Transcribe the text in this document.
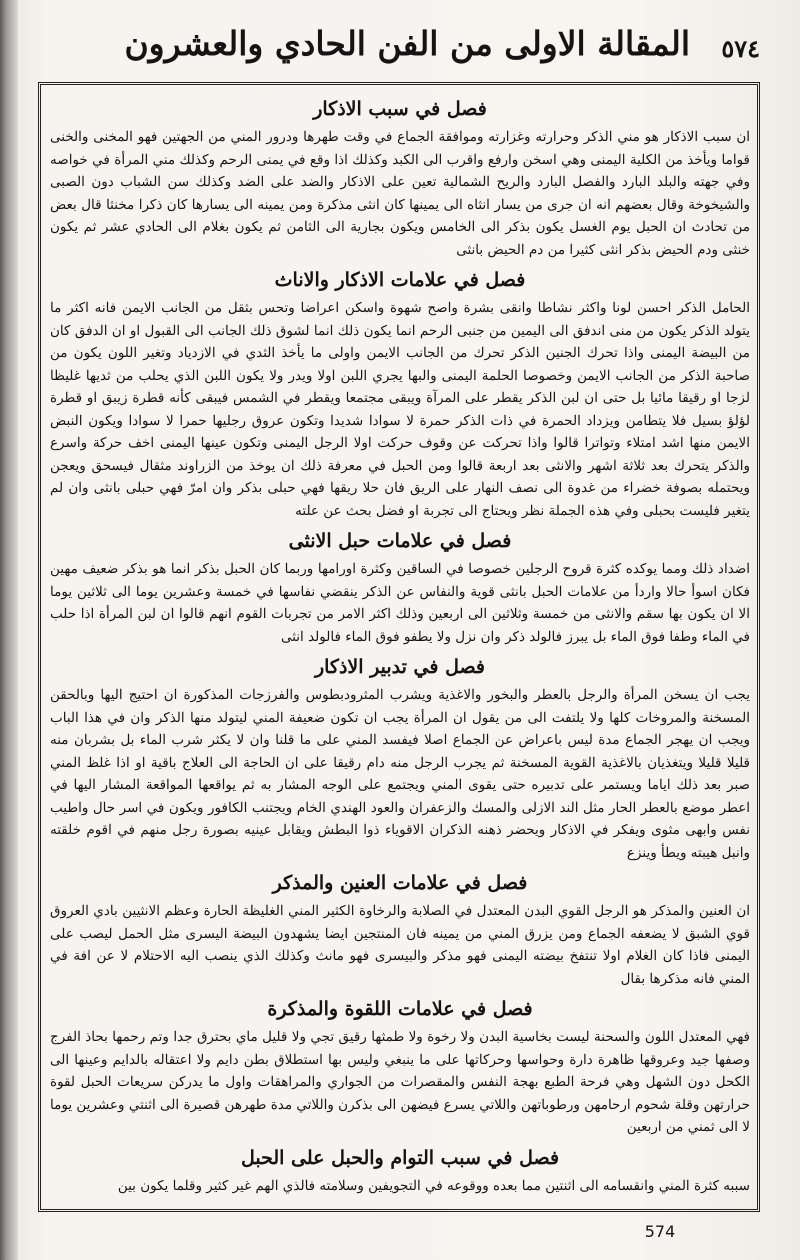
المقالة الاولى من الفن الحادي والعشرون ٥٧٤
فصل في سبب الاذكار

ان سبب الاذكار هو مني الذكر وحرارته وغزارته وموافقة الجماع في وقت طهرها ودرور المني من الجهتين فهو المخنى والخنى قواما ويأخذ من الكلية اليمنى وهي اسخن وارفع واقرب الى الكبد وكذلك اذا وقع في يمنى الرحم وكذلك مني المرأة في خواصه وفي جهته والبلد البارد والفصل البارد والريح الشمالية تعين على الاذكار والضد على الضد وكذلك سن الشباب دون الصبى والشيخوخة وقال بعضهم انه ان جرى من يسار انثاه الى يمينها كان انثى مذكرة ومن يمينه الى يسارها كان ذكرا مخنثا قال بعض من تحادث ان الحبل يوم الغسل يكون بذكر الى الخامس ويكون بجارية الى الثامن ثم يكون بغلام الى الحادي عشر ثم يكون خنثى ودم الحيض بذكر انثى كثيرا من دم الحيض بانثى

فصل في علامات الاذكار والاناث

الحامل الذكر احسن لونا واكثر نشاطا وانقى بشرة واصح شهوة واسكن اعراضا وتحس بثقل من الجانب الايمن فانه اكثر ما يتولد الذكر يكون من منى اندفق الى اليمين من جنبى الرحم انما يكون ذلك انما لشوق ذلك الجانب الى القبول او ان الدفق كان من البيضة اليمنى واذا تحرك الجنين الذكر تحرك من الجانب الايمن واولى ما يأخذ الثدي في الازدياد وتغير اللون يكون من صاحبة الذكر من الجانب الايمن وخصوصا الحلمة اليمنى والبها يجري اللبن اولا ويدر ولا يكون اللبن الذي يحلب من ثديها غليظا لزجا او رقيقا مائيا بل حتى ان لبن الذكر يقطر على المرآة ويبقى مجتمعا ويقطر في الشمس فيبقى كأنه قطرة زيبق او قطرة لؤلؤ بسيل فلا يتطامن ويزداد الحمرة في ذات الذكر حمرة لا سوادا شديدا وتكون عروق رجليها حمرا لا سوادا ويكون النبض الايمن منها اشد امتلاء وتواترا قالوا واذا تحركت عن وقوف حركت اولا الرجل اليمنى وتكون عينها اليمنى اخف حركة واسرع والذكر يتحرك بعد ثلاثة اشهر والانثى بعد اربعة قالوا ومن الحبل في معرفة ذلك ان يوخذ من الزراوند مثقال فيسحق ويعجن ويحتمله بصوفة خضراء من غدوة الى نصف النهار على الريق فان حلا ريقها فهي حبلى بذكر وان امرّ فهي حبلى بانثى وان لم يتغير فليست بحبلى وفي هذه الجملة نظر ويحتاج الى تجربة او فضل بحث عن علته

فصل في علامات حبل الانثى

اضداد ذلك ومما يوكده كثرة قروح الرجلين خصوصا في الساقين وكثرة اورامها وربما كان الحبل بذكر انما هو بذكر ضعيف مهين فكان اسوأ حالا واردأ من علامات الحبل بانثى قوية والنفاس عن الذكر ينقضي نفاسها في خمسة وعشرين يوما الى ثلاثين يوما الا ان يكون بها سقم والانثى من خمسة وثلاثين الى اربعين وذلك اكثر الامر من تجربات القوم انهم قالوا ان لبن المرأة اذا حلب في الماء وطفا فوق الماء بل يبرز فالولد ذكر وان نزل ولا يطفو فوق الماء فالولد انثى

فصل في تدبير الاذكار

يجب ان يسخن المرأة والرجل بالعطر والبخور والاغذية ويشرب المثرودبطوس والفرزجات المذكورة ان احتيج اليها وبالحقن المسخنة والمروخات كلها ولا يلتفت الى من يقول ان المرأة يجب ان تكون ضعيفة المني ليتولد منها الذكر وان في هذا الباب ويجب ان يهجر الجماع مدة ليس باعراض عن الجماع اصلا فيفسد المني على ما قلنا وان لا يكثر شرب الماء بل بشربان منه قليلا قليلا ويتغذيان بالاغذية القوية المسخنة ثم يجرب الرجل منه دام رقيقا على ان الحاجة الى العلاج باقية او اذا غلظ المني صبر بعد ذلك اياما ويستمر على تدبيره حتى يقوى المني ويجتمع على الوجه المشار به ثم يواقعها المواقعة المشار اليها في اعطر موضع بالعطر الحار مثل الند الازلى والمسك والزعفران والعود الهندي الخام ويجتنب الكافور ويكون في اسر حال واطيب نفس وابهى مثوى ويفكر في الاذكار ويحضر ذهنه الذكران الاقوياء ذوا البطش ويقابل عينيه بصورة رجل منهم في اقوم خلقته وانبل هيبته ويطأ وينزع

فصل في علامات العنين والمذكر

ان العنين والمذكر هو الرجل القوي البدن المعتدل في الصلابة والرخاوة الكثير المني الغليظة الحارة وعظم الانثيين بادي العروق قوي الشبق لا يضعفه الجماع ومن يزرق المني من يمينه فان المنتجين ايضا يشهدون البيضة اليسرى مثل الحمل ليصب على اليمنى فاذا كان الغلام اولا تنتفخ بيضته اليمنى فهو مذكر والبيسرى فهو مانث وكذلك الذي ينصب اليه الاحتلام لا عن افة في المني فانه مذكرها بقال

فصل في علامات اللقوة والمذكرة

فهي المعتدل اللون والسحنة ليست بخاسية البدن ولا رخوة ولا طمثها رقيق تجي ولا قليل ماي بحترق جدا وتم رحمها بحاذ الفرج وصفها جيد وعروقها ظاهرة دارة وحواسها وحركاتها على ما ينبغي وليس بها استطلاق بطن دايم ولا اعتقاله بالدايم وعينها الى الكحل دون الشهل وهي فرحة الطبع بهجة النفس والمقصرات من الجواري والمراهقات واول ما يدركن سريعات الحبل لقوة حرارتهن وقلة شحوم ارحامهن ورطوباتهن واللاتي يسرع فيضهن الى بذكرن واللاتي مدة طهرهن قصيرة الى اثنتي وعشرين يوما لا الى ثمني من اربعين

فصل في سبب التوام والحبل على الحبل

سببه كثرة المني وانقسامه الى اثنتين مما بعده ووقوعه في التجويفين وسلامته فالذي الهم غير كثير وقلما يكون بين

574
